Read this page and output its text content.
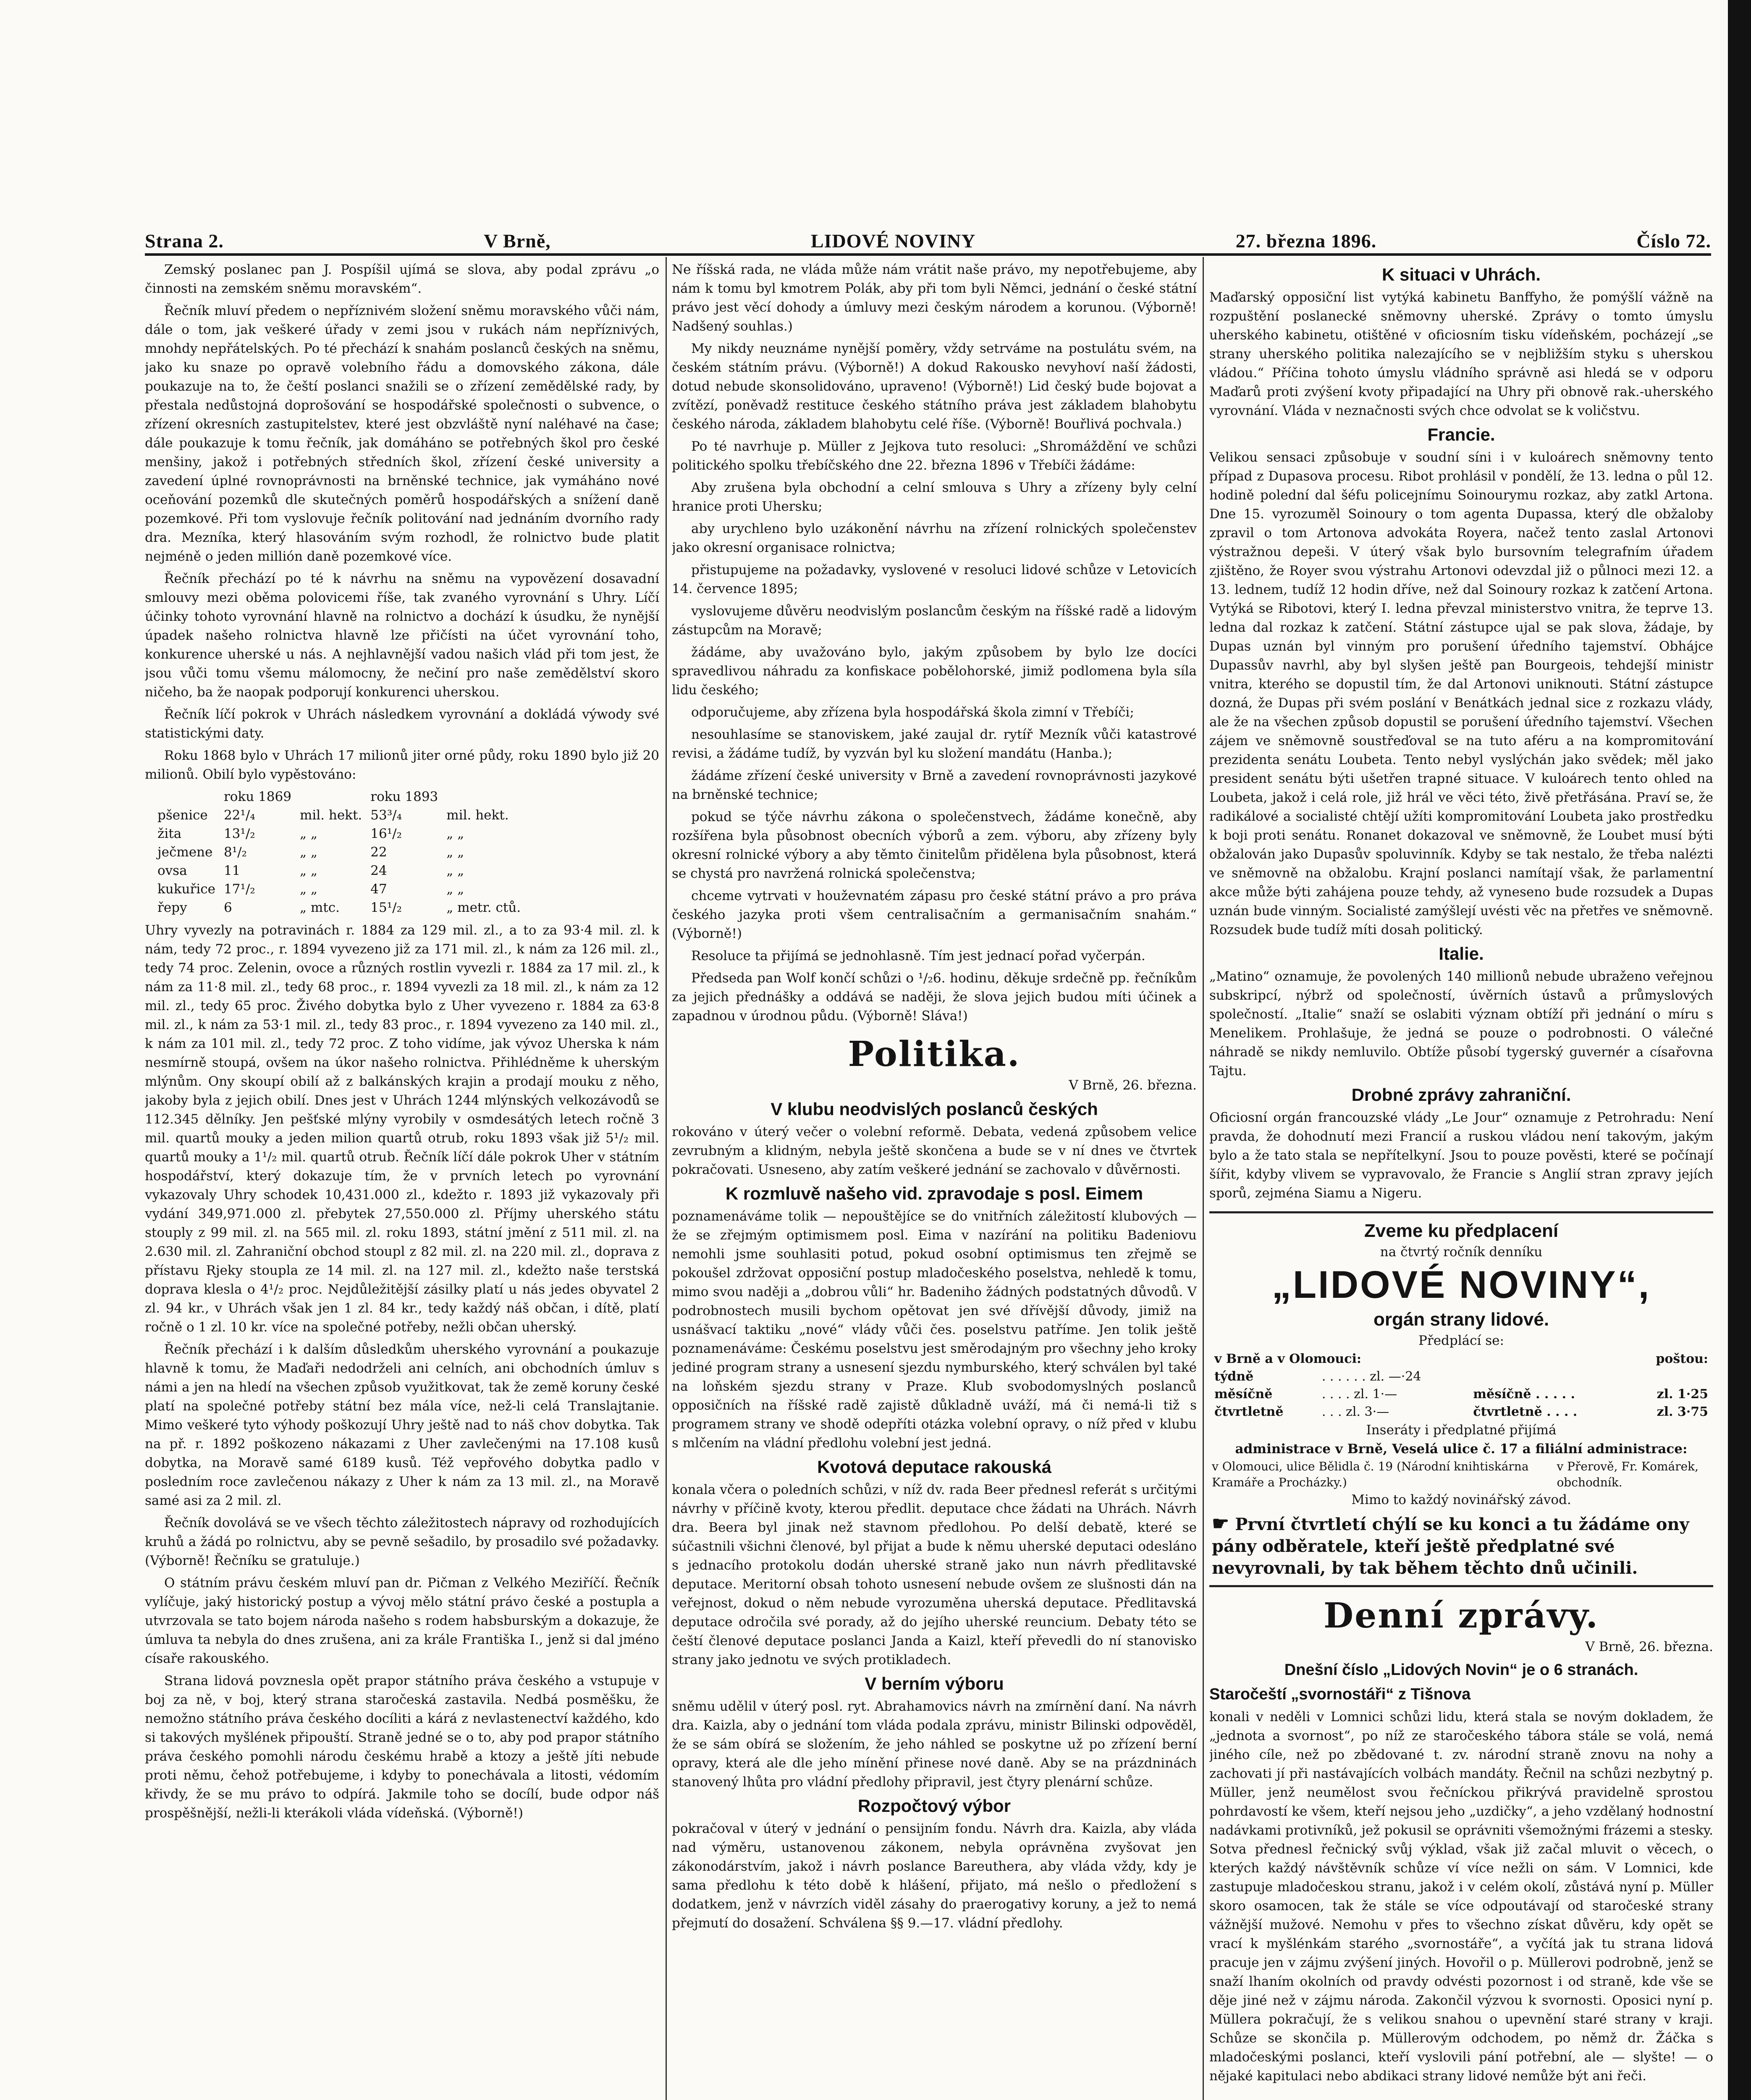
Strana 2.	V Brně,	LIDOVÉ NOVINY	27. března 1896.	Číslo 72.

Zemský poslanec pan J. Pospíšil ujímá se slova, aby podal zprávu „o činnosti na zemském sněmu moravském“.

Řečník mluví předem o nepříznivém složení sněmu moravského vůči nám, dále o tom, jak veškeré úřady v zemi jsou v rukách nám nepříznivých, mnohdy nepřátelských. Po té přechází k snahám poslanců českých na sněmu, jako ku snaze po opravě volebního řádu a domovského zákona, dále poukazuje na to, že čeští poslanci snažili se o zřízení zemědělské rady, by přestala nedůstojná doprošování se hospodářské společnosti o subvence, o zřízení okresních zastupitelstev, které jest obzvláště nyní naléhavé na čase; dále poukazuje k tomu řečník, jak domáháno se potřebných škol pro české menšiny, jakož i potřebných středních škol, zřízení české university a zavedení úplné rovnoprávnosti na brněnské technice, jak vymáháno nové oceňování pozemků dle skutečných poměrů hospodářských a snížení daně pozemkové. Při tom vyslovuje řečník politování nad jednáním dvorního rady dra. Mezníka, který hlasováním svým rozhodl, že rolnictvo bude platit nejméně o jeden millión daně pozemkové více.

Řečník přechází po té k návrhu na sněmu na vypovězení dosavadní smlouvy mezi oběma polovicemi říše, tak zvaného vyrovnání s Uhry. Líčí účinky tohoto vyrovnání hlavně na rolnictvo a dochází k úsudku, že nynější úpadek našeho rolnictva hlavně lze přičísti na účet vyrovnání toho, konkurence uherské u nás. A nejhlavnější vadou našich vlád při tom jest, že jsou vůči tomu všemu málomocny, že nečiní pro naše zemědělství skoro ničeho, ba že naopak podporují konkurenci uherskou.

Řečník líčí pokrok v Uhrách následkem vyrovnání a dokládá výwody své statistickými daty.

Roku 1868 bylo v Uhrách 17 milionů jiter orné půdy, roku 1890 bylo již 20 milionů. Obilí bylo vypěstováno:

	roku 1869		roku 1893	
pšenice	22¹/₄	mil. hekt.	53³/₄	mil. hekt.
žita	13¹/₂	„ „	16¹/₂	„ „
ječmene	8¹/₂	„ „	22	„ „
ovsa	11	„ „	24	„ „
kukuřice	17¹/₂	„ „	47	„ „
řepy	6	„ mtc.	15¹/₂	„ metr. ctů.

Uhry vyvezly na potravinách r. 1884 za 129 mil. zl., a to za 93·4 mil. zl. k nám, tedy 72 proc., r. 1894 vyvezeno již za 171 mil. zl., k nám za 126 mil. zl., tedy 74 proc. Zelenin, ovoce a různých rostlin vyvezli r. 1884 za 17 mil. zl., k nám za 11·8 mil. zl., tedy 68 proc., r. 1894 vyvezli za 18 mil. zl., k nám za 12 mil. zl., tedy 65 proc. Živého dobytka bylo z Uher vyvezeno r. 1884 za 63·8 mil. zl., k nám za 53·1 mil. zl., tedy 83 proc., r. 1894 vyvezeno za 140 mil. zl., k nám za 101 mil. zl., tedy 72 proc. Z toho vidíme, jak vývoz Uherska k nám nesmírně stoupá, ovšem na úkor našeho rolnictva. Přihlédněme k uherským mlýnům. Ony skoupí obilí až z balkánských krajin a prodají mouku z něho, jakoby byla z jejich obilí. Dnes jest v Uhrách 1244 mlýnských velkozávodů se 112.345 dělníky. Jen pešťské mlýny vyrobily v osmdesátých letech ročně 3 mil. quartů mouky a jeden milion quartů otrub, roku 1893 však již 5¹/₂ mil. quartů mouky a 1¹/₂ mil. quartů otrub. Řečník líčí dále pokrok Uher v státním hospodářství, který dokazuje tím, že v prvních letech po vyrovnání vykazovaly Uhry schodek 10,431.000 zl., kdežto r. 1893 již vykazovaly při vydání 349,971.000 zl. přebytek 27,550.000 zl. Příjmy uherského státu stouply z 99 mil. zl. na 565 mil. zl. roku 1893, státní jmění z 511 mil. zl. na 2.630 mil. zl. Zahraniční obchod stoupl z 82 mil. zl. na 220 mil. zl., doprava z přístavu Rjeky stoupla ze 14 mil. zl. na 127 mil. zl., kdežto naše terstská doprava klesla o 4¹/₂ proc. Nejdůležitější zásilky platí u nás jedes obyvatel 2 zl. 94 kr., v Uhrách však jen 1 zl. 84 kr., tedy každý náš občan, i dítě, platí ročně o 1 zl. 10 kr. více na společné potřeby, nežli občan uherský.

Řečník přechází i k dalším důsledkům uherského vyrovnání a poukazuje hlavně k tomu, že Maďaři nedodrželi ani celních, ani obchodních úmluv s námi a jen na hledí na všechen způsob využitkovat, tak že země koruny české platí na společné potřeby státní bez mála více, než-li celá Translajtanie. Mimo veškeré tyto výhody poškozují Uhry ještě nad to náš chov dobytka. Tak na př. r. 1892 poškozeno nákazami z Uher zavlečenými na 17.108 kusů dobytka, na Moravě samé 6189 kusů. Též vepřového dobytka padlo v posledním roce zavlečenou nákazy z Uher k nám za 13 mil. zl., na Moravě samé asi za 2 mil. zl.

Řečník dovolává se ve všech těchto záležitostech nápravy od rozhodujících kruhů a žádá po rolnictvu, aby se pevně sešadilo, by prosadilo své požadavky. (Výborně! Řečníku se gratuluje.)

O státním právu českém mluví pan dr. Pičman z Velkého Meziříčí. Řečník vylíčuje, jaký historický postup a vývoj mělo státní právo české a postupla a utvrzovala se tato bojem národa našeho s rodem habsburským a dokazuje, že úmluva ta nebyla do dnes zrušena, ani za krále Františka I., jenž si dal jméno císaře rakouského.

Strana lidová povznesla opět prapor státního práva českého a vstupuje v boj za ně, v boj, který strana staročeská zastavila. Nedbá posměšku, že nemožno státního práva českého docíliti a kárá z nevlastenectví každého, kdo si takových myšlének připouští. Straně jedné se o to, aby pod prapor státního práva českého pomohli národu českému hrabě a ktozy a ještě jíti nebude proti němu, čehož potřebujeme, i kdyby to ponechávala a litosti, védomím křivdy, že se mu právo to odpírá. Jakmile toho se docílí, bude odpor náš prospěšnější, nežli-li kterákoli vláda vídeňská. (Výborně!)

Ne říšská rada, ne vláda může nám vrátit naše právo, my nepotřebujeme, aby nám k tomu byl kmotrem Polák, aby při tom byli Němci, jednání o české státní právo jest věcí dohody a úmluvy mezi českým národem a korunou. (Výborně! Nadšený souhlas.)

My nikdy neuznáme nynější poměry, vždy setrváme na postulátu svém, na českém státním právu. (Výborně!) A dokud Rakousko nevyhoví naší žádosti, dotud nebude skonsolidováno, upraveno! (Výborně!) Lid český bude bojovat a zvítězí, poněvadž restituce českého státního práva jest základem blahobytu českého národa, základem blahobytu celé říše. (Výborně! Bouřlivá pochvala.)

Po té navrhuje p. Müller z Jejkova tuto resoluci: „Shromáždění ve schůzi politického spolku třebíčského dne 22. března 1896 v Třebíči žádáme:

Aby zrušena byla obchodní a celní smlouva s Uhry a zřízeny byly celní hranice proti Uhersku;

aby urychleno bylo uzákonění návrhu na zřízení rolnických společenstev jako okresní organisace rolnictva;

přistupujeme na požadavky, vyslovené v resoluci lidové schůze v Letovicích 14. července 1895;

vyslovujeme důvěru neodvislým poslancům českým na říšské radě a lidovým zástupcům na Moravě;

žádáme, aby uvažováno bylo, jakým způsobem by bylo lze docíci spravedlivou náhradu za konfiskace pobělohorské, jimiž podlomena byla síla lidu českého;

odporučujeme, aby zřízena byla hospodářská škola zimní v Třebíči;

nesouhlasíme se stanoviskem, jaké zaujal dr. rytíř Mezník vůči katastrové revisi, a žádáme tudíž, by vyzván byl ku složení mandátu (Hanba.);

žádáme zřízení české university v Brně a zavedení rovnoprávnosti jazykové na brněnské technice;

pokud se týče návrhu zákona o společenstvech, žádáme konečně, aby rozšířena byla působnost obecních výborů a zem. výboru, aby zřízeny byly okresní rolnické výbory a aby těmto činitelům přidělena byla působnost, která se chystá pro navržená rolnická společenstva;

chceme vytrvati v houževnatém zápasu pro české státní právo a pro práva českého jazyka proti všem centralisačním a germanisačním snahám.“ (Výborně!)

Resoluce ta přijímá se jednohlasně. Tím jest jednací pořad vyčerpán.

Předseda pan Wolf končí schůzi o ¹/₂6. hodinu, děkuje srdečně pp. řečníkům za jejich přednášky a oddává se naději, že slova jejich budou míti účinek a zapadnou v úrodnou půdu. (Výborně! Sláva!)

Politika.
V Brně, 26. března.
V klubu neodvislých poslanců českých

rokováno v úterý večer o volební reformě. Debata, vedená způsobem velice zevrubným a klidným, nebyla ještě skončena a bude se v ní dnes ve čtvrtek pokračovati. Usneseno, aby zatím veškeré jednání se zachovalo v důvěrnosti.

K rozmluvě našeho vid. zpravodaje s posl. Eimem

poznamenáváme tolik — nepouštějíce se do vnitřních záležitostí klubových — že se zřejmým optimismem posl. Eima v nazírání na politiku Badeniovu nemohli jsme souhlasiti potud, pokud osobní optimismus ten zřejmě se pokoušel zdržovat opposiční postup mladočeského poselstva, nehledě k tomu, mimo svou naději a „dobrou vůli“ hr. Badeniho žádných podstatných důvodů. V podrobnostech musili bychom opětovat jen své dřívější důvody, jimiž na usnášvací taktiku „nové“ vlády vůči čes. poselstvu patříme. Jen tolik ještě poznamenáváme: Českému poselstvu jest směrodajným pro všechny jeho kroky jediné program strany a usnesení sjezdu nymburského, který schválen byl také na loňském sjezdu strany v Praze. Klub svobodomyslných poslanců opposičních na říšské radě zajistě důkladně uváží, má či nemá-li tiž s programem strany ve shodě odepříti otázka volební opravy, o níž před v klubu s mlčením na vládní předlohu volební jest jedná.

Kvotová deputace rakouská

konala včera o poledních schůzi, v níž dv. rada Beer přednesl referát s určitými návrhy v příčině kvoty, kterou předlit. deputace chce žádati na Uhrách. Návrh dra. Beera byl jinak než stavnom předlohou. Po delší debatě, které se súčastnili všichni členové, byl přijat a bude k němu uherské deputaci odesláno s jednacího protokolu dodán uherské straně jako nun návrh předlitavské deputace. Meritorní obsah tohoto usnesení nebude ovšem ze slušnosti dán na veřejnost, dokud o něm nebude vyrozuměna uherská deputace. Předlitavská deputace odročila své porady, až do jejího uherské reuncium. Debaty této se čeští členové deputace poslanci Janda a Kaizl, kteří převedli do ní stanovisko strany jako jednotu ve svých protikladech.

V berním výboru

sněmu udělil v úterý posl. ryt. Abrahamovics návrh na zmírnění daní. Na návrh dra. Kaizla, aby o jednání tom vláda podala zprávu, ministr Bilinski odpověděl, že se sám obírá se složením, že jeho náhled se poskytne už po zřízení berní opravy, která ale dle jeho mínění přinese nové daně. Aby se na prázdninách stanovený lhůta pro vládní předlohy připravil, jest čtyry plenární schůze.

Rozpočtový výbor

pokračoval v úterý v jednání o pensijním fondu. Návrh dra. Kaizla, aby vláda nad výměru, ustanovenou zákonem, nebyla oprávněna zvyšovat jen zákonodárstvím, jakož i návrh poslance Bareuthera, aby vláda vždy, kdy je sama předlohu k této době k hlášení, přijato, má nešlo o předložení s dodatkem, jenž v návrzích viděl zásahy do praerogativy koruny, a jež to nemá přejmutí do dosažení. Schválena §§ 9.—17. vládní předlohy.

K situaci v Uhrách.

Maďarský opposiční list vytýká kabinetu Banffyho, že pomýšlí vážně na rozpuštění poslanecké sněmovny uherské. Zprávy o tomto úmyslu uherského kabinetu, otištěné v oficiosním tisku vídeňském, pocházejí „se strany uherského politika nalezajícího se v nejbližším styku s uherskou vládou.“ Příčina tohoto úmyslu vládního správně asi hledá se v odporu Maďarů proti zvýšení kvoty připadající na Uhry při obnově rak.-uherského vyrovnání. Vláda v neznačnosti svých chce odvolat se k voličstvu.

Francie.

Velikou sensaci způsobuje v soudní síni i v kuloárech sněmovny tento případ z Dupasova procesu. Ribot prohlásil v pondělí, že 13. ledna o půl 12. hodině polední dal šéfu policejnímu Soinourymu rozkaz, aby zatkl Artona. Dne 15. vyrozuměl Soinoury o tom agenta Dupassa, který dle obžaloby zpravil o tom Artonova advokáta Royera, načež tento zaslal Artonovi výstražnou depeši. V úterý však bylo bursovním telegrafním úřadem zjištěno, že Royer svou výstrahu Artonovi odevzdal již o půlnoci mezi 12. a 13. lednem, tudíž 12 hodin dříve, než dal Soinoury rozkaz k zatčení Artona. Vytýká se Ribotovi, který I. ledna převzal ministerstvo vnitra, že teprve 13. ledna dal rozkaz k zatčení. Státní zástupce ujal se pak slova, žádaje, by Dupas uznán byl vinným pro porušení úředního tajemství. Obhájce Dupassův navrhl, aby byl slyšen ještě pan Bourgeois, tehdejší ministr vnitra, kterého se dopustil tím, že dal Artonovi uniknouti. Státní zástupce dozná, že Dupas při svém poslání v Benátkách jednal sice z rozkazu vlády, ale že na všechen způsob dopustil se porušení úředního tajemství. Všechen zájem ve sněmovně soustřeďoval se na tuto aféru a na kompromitování prezidenta senátu Loubeta. Tento nebyl vyslýchán jako svědek; měl jako president senátu býti ušetřen trapné situace. V kuloárech tento ohled na Loubeta, jakož i celá role, již hrál ve věci této, živě přetřásána. Praví se, že radikálové a socialisté chtějí užíti kompromitování Loubeta jako prostředku k boji proti senátu. Ronanet dokazoval ve sněmovně, že Loubet musí býti obžalován jako Dupasův spoluvinník. Kdyby se tak nestalo, že třeba nalézti ve sněmovně na obžalobu. Krajní poslanci namítají však, že parlamentní akce může býti zahájena pouze tehdy, až vyneseno bude rozsudek a Dupas uznán bude vinným. Socialisté zamýšlejí uvésti věc na přetřes ve sněmovně. Rozsudek bude tudíž míti dosah politický.

Italie.

„Matino“ oznamuje, že povolených 140 millionů nebude ubraženo veřejnou subskripcí, nýbrž od společností, úvěrních ústavů a průmyslových společností. „Italie“ snaží se oslabiti význam obtíží při jednání o míru s Menelikem. Prohlašuje, že jedná se pouze o podrobnosti. O válečné náhradě se nikdy nemluvilo. Obtíže působí tygerský guvernér a císařovna Tajtu.

Drobné zprávy zahraniční.

Oficiosní orgán francouzské vlády „Le Jour“ oznamuje z Petrohradu: Není pravda, že dohodnutí mezi Francií a ruskou vládou není takovým, jakým bylo a že tato stala se nepřítelkyní. Jsou to pouze pověsti, které se počínají šířit, kdyby vlivem se vypravovalo, že Francie s Anglií stran zpravy jejích sporů, zejména Siamu a Nigeru.

Zveme ku předplacení
na čtvrtý ročník denníku
„LIDOVÉ NOVINY“,
orgán strany lidové.
Předplácí se:
v Brně a v Olomouci:		poštou:	
týdně	. . . . . . zl. —·24		
měsíčně	. . . . zl. 1·—	měsíčně . . . . .	zl. 1·25
čtvrtletně	. . . zl. 3·—	čtvrtletně . . . .	zl. 3·75
Inseráty i předplatné přijímá
administrace v Brně, Veselá ulice č. 17 a filiální administrace:
v Olomouci, ulice Bělidla č. 19 (Národní knihtiskárna Kramáře a Procházky.)
v Přerově, Fr. Komárek, obchodník.
Mimo to každý novinářský závod.
☛ První čtvrtletí chýlí se ku konci a tu žádáme ony pány odběratele, kteří ještě předplatné své nevyrovnali, by tak během těchto dnů učinili.
Denní zprávy.
V Brně, 26. března.
Dnešní číslo „Lidových Novin“ je o 6 stranách.
Staročeští „svornostáři“ z Tišnova

konali v neděli v Lomnici schůzi lidu, která stala se novým dokladem, že „jednota a svornost“, po níž ze staročeského tábora stále se volá, nemá jiného cíle, než po zbědované t. zv. národní straně znovu na nohy a zachovati jí při nastávajících volbách mandáty. Řečnil na schůzi nezbytný p. Müller, jenž neumělost svou řečníckou přikrývá pravidelně sprostou pohrdavostí ke všem, kteří nejsou jeho „uzdičky“, a jeho vzdělaný hodnostní nadávkami protivníků, jež pokusil se oprávniti všemožnými frázemi a stesky. Sotva přednesl řečnický svůj výklad, však již začal mluvit o věcech, o kterých každý návštěvník schůze ví více nežli on sám. V Lomnici, kde zastupuje mladočeskou stranu, jakož i v celém okolí, zůstává nyní p. Müller skoro osamocen, tak že stále se více odpoutávají od staročeské strany vážnější mužové. Nemohu v přes to všechno získat důvěru, kdy opět se vrací k myšlénkám starého „svornostáře“, a vyčítá jak tu strana lidová pracuje jen v zájmu zvýšení jiných. Hovořil o p. Müllerovi podrobně, jenž se snaží lhaním okolních od pravdy odvésti pozornost i od straně, kde vše se děje jiné než v zájmu národa. Zakončil výzvou k svornosti. Oposici nyní p. Müllera pokračují, že s velikou snahou o upevnění staré strany v kraji. Schůze se skončila p. Müllerovým odchodem, po němž dr. Žáčka s mladočeskými poslanci, kteří vyslovili pání potřební, ale — slyšte! — o nějaké kapitulaci nebo abdikaci strany lidové nemůže být ani řeči.
